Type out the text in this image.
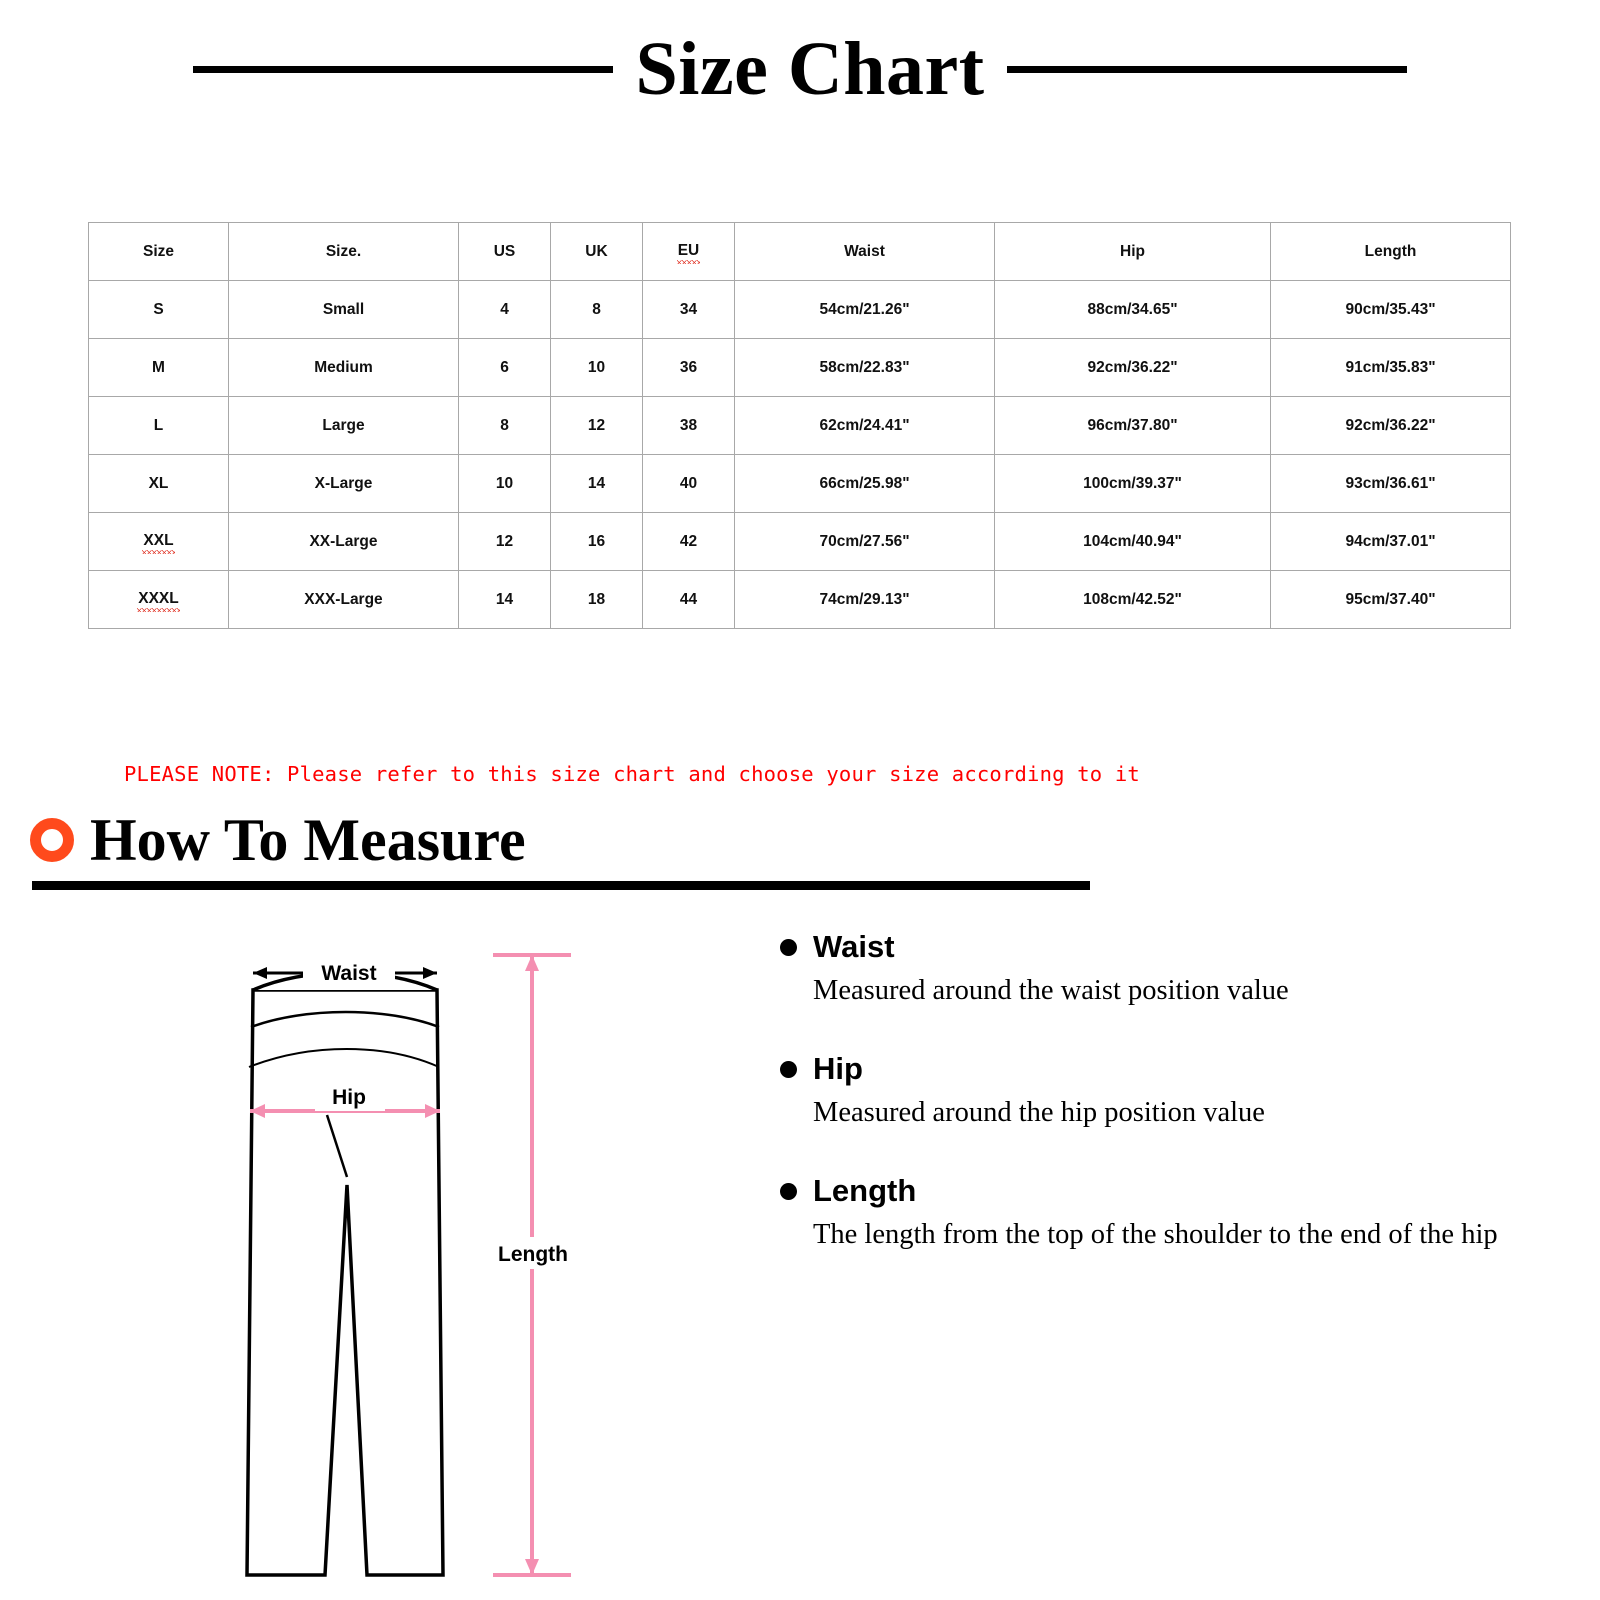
Size Chart
Size	Size.	US	UK	EU	Waist	Hip	Length
S	Small	4	8	34	54cm/21.26"	88cm/34.65"	90cm/35.43"
M	Medium	6	10	36	58cm/22.83"	92cm/36.22"	91cm/35.83"
L	Large	8	12	38	62cm/24.41"	96cm/37.80"	92cm/36.22"
XL	X-Large	10	14	40	66cm/25.98"	100cm/39.37"	93cm/36.61"
XXL	XX-Large	12	16	42	70cm/27.56"	104cm/40.94"	94cm/37.01"
XXXL	XXX-Large	14	18	44	74cm/29.13"	108cm/42.52"	95cm/37.40"
PLEASE NOTE: Please refer to this size chart and choose your size according to it
How To Measure
Waist
Hip
Length
Waist
Measured around the waist position value
Hip
Measured around the hip position value
Length
The length from the top of the shoulder to the end of the hip
